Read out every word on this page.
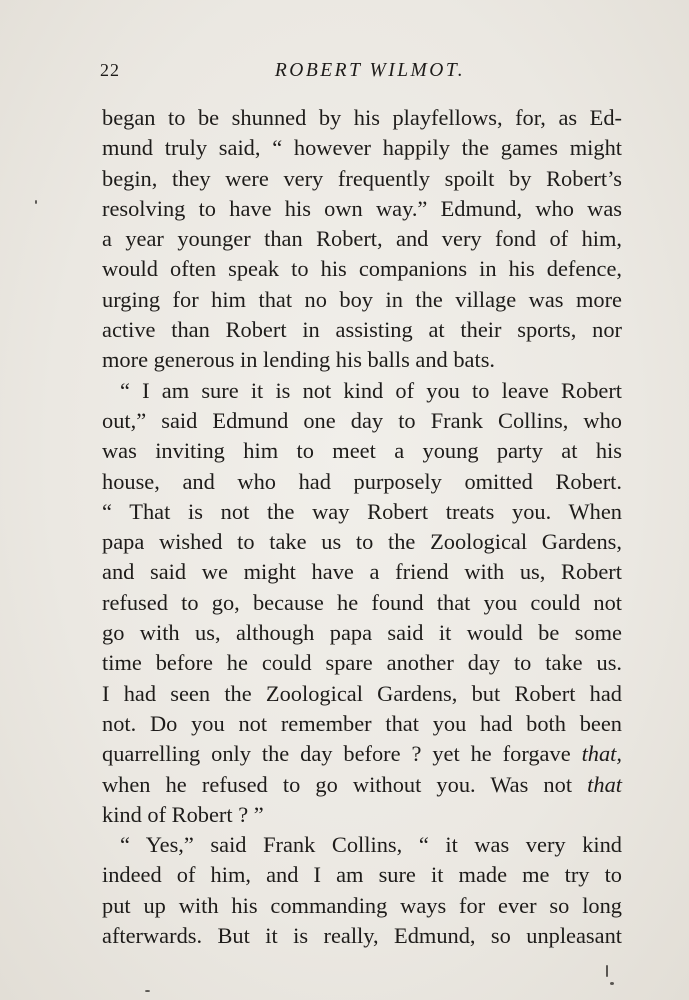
22	ROBERT WILMOT.
began to be shunned by his playfellows, for, as Ed-
mund truly said, “ however happily the games might
begin, they were very frequently spoilt by Robert’s
resolving to have his own way.” Edmund, who was
a year younger than Robert, and very fond of him,
would often speak to his companions in his defence,
urging for him that no boy in the village was more
active than Robert in assisting at their sports, nor
more generous in lending his balls and bats.
“ I am sure it is not kind of you to leave Robert
out,” said Edmund one day to Frank Collins, who
was inviting him to meet a young party at his
house, and who had purposely omitted Robert.
“ That is not the way Robert treats you. When
papa wished to take us to the Zoological Gardens,
and said we might have a friend with us, Robert
refused to go, because he found that you could not
go with us, although papa said it would be some
time before he could spare another day to take us.
I had seen the Zoological Gardens, but Robert had
not. Do you not remember that you had both been
quarrelling only the day before ? yet he forgave that,
when he refused to go without you. Was not that
kind of Robert ? ”
“ Yes,” said Frank Collins, “ it was very kind
indeed of him, and I am sure it made me try to
put up with his commanding ways for ever so long
afterwards. But it is really, Edmund, so unpleasant
